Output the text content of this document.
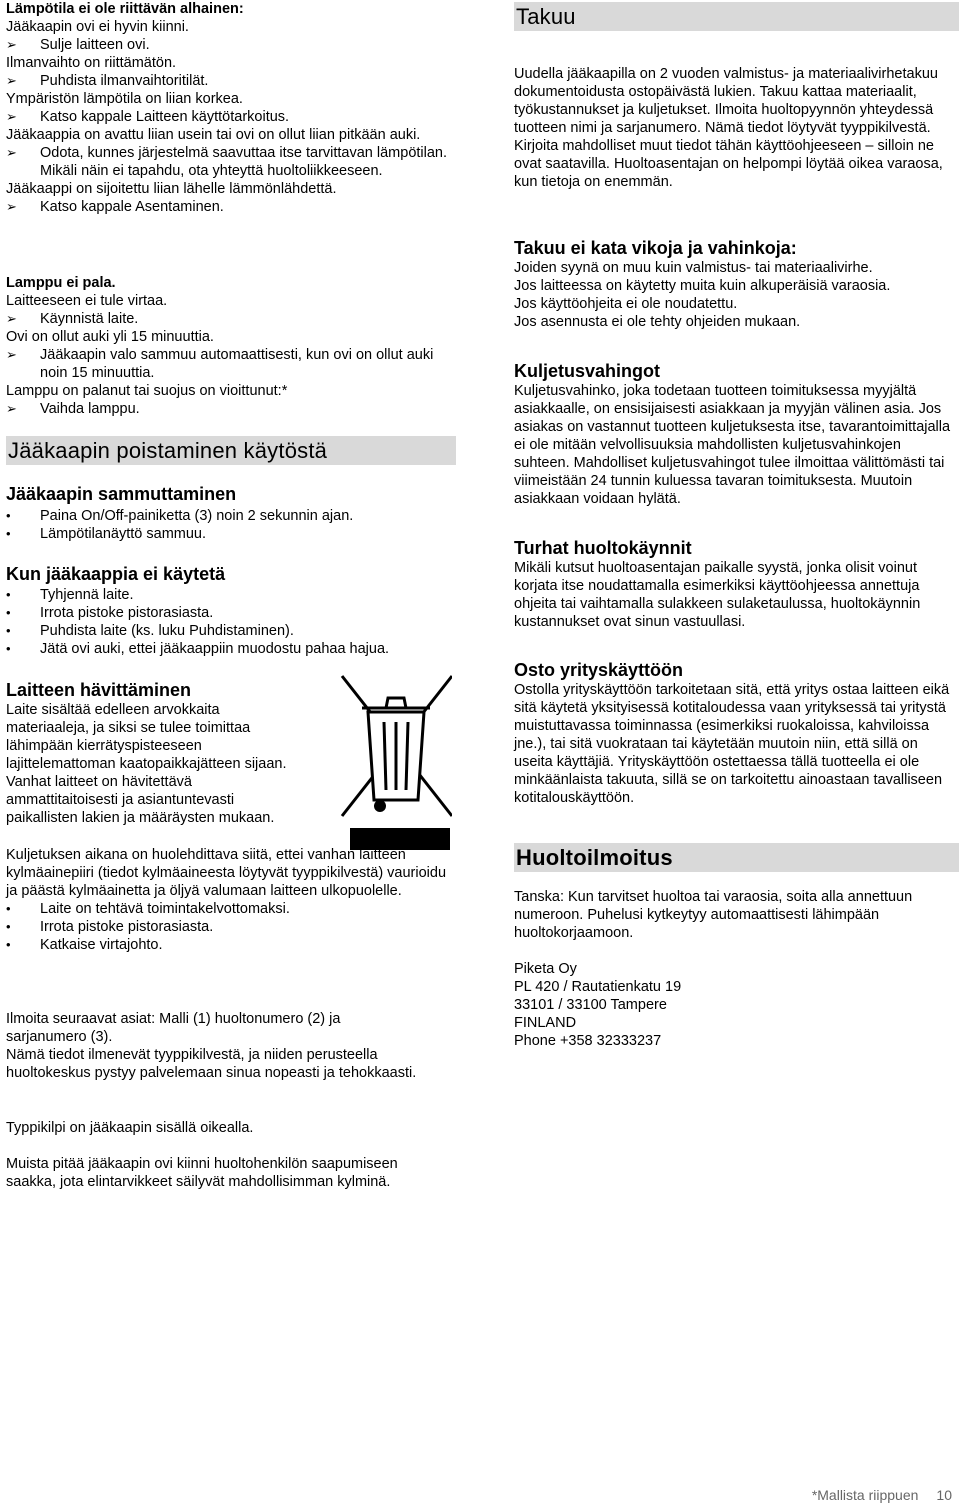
Lämpötila ei ole riittävän alhainen:

Jääkaapin ovi ei hyvin kiinni.

➢	Sulje laitteen ovi.

Ilmanvaihto on riittämätön.

➢	Puhdista ilmanvaihtoritilät.

Ympäristön lämpötila on liian korkea.

➢	Katso kappale Laitteen käyttötarkoitus.

Jääkaappia on avattu liian usein tai ovi on ollut liian pitkään auki.

➢	Odota, kunnes järjestelmä saavuttaa itse tarvittavan lämpötilan. Mikäli näin ei tapahdu, ota yhteyttä huoltoliikkeeseen.

Jääkaappi on sijoitettu liian lähelle lämmönlähdettä.

➢	Katso kappale Asentaminen.

Lamppu ei pala.

Laitteeseen ei tule virtaa.

➢	Käynnistä laite.

Ovi on ollut auki yli 15 minuuttia.

➢	Jääkaapin valo sammuu automaattisesti, kun ovi on ollut auki noin 15 minuuttia.

Lamppu on palanut tai suojus on vioittunut:*

➢	Vaihda lamppu.

Jääkaapin poistaminen käytöstä

Jääkaapin sammuttaminen

•	Paina On/Off-painiketta (3) noin 2 sekunnin ajan.
•	Lämpötilanäyttö sammuu.

Kun jääkaappia ei käytetä

•	Tyhjennä laite.
•	Irrota pistoke pistorasiasta.
•	Puhdista laite (ks. luku Puhdistaminen).
•	Jätä ovi auki, ettei jääkaappiin muodostu pahaa hajua.

Laitteen hävittäminen

Laite sisältää edelleen arvokkaita materiaaleja, ja siksi se tulee toimittaa lähimpään kierrätyspisteeseen lajittelemattoman kaatopaikkajätteen sijaan. Vanhat laitteet on hävitettävä ammattitaitoisesti ja asiantuntevasti paikallisten lakien ja määräysten mukaan.

Kuljetuksen aikana on huolehdittava siitä, ettei vanhan laitteen kylmäainepiiri (tiedot kylmäaineesta löytyvät tyyppikilvestä) vaurioidu ja päästä kylmäainetta ja öljyä valumaan laitteen ulkopuolelle.

•	Laite on tehtävä toimintakelvottomaksi.
•	Irrota pistoke pistorasiasta.
•	Katkaise virtajohto.

Ilmoita seuraavat asiat: Malli (1) huoltonumero (2) ja sarjanumero (3).

Nämä tiedot ilmenevät tyyppikilvestä, ja niiden perusteella huoltokeskus pystyy palvelemaan sinua nopeasti ja tehokkaasti.

Typpikilpi on jääkaapin sisällä oikealla.

Muista pitää jääkaapin ovi kiinni huoltohenkilön saapumiseen saakka, jota elintarvikkeet säilyvät mahdollisimman kylminä.

Takuu

Uudella jääkaapilla on 2 vuoden valmistus- ja materiaalivirhetakuu dokumentoidusta ostopäivästä lukien. Takuu kattaa materiaalit, työkustannukset ja kuljetukset. Ilmoita huoltopyynnön yhteydessä tuotteen nimi ja sarjanumero. Nämä tiedot löytyvät tyyppikilvestä. Kirjoita mahdolliset muut tiedot tähän käyttöohjeeseen – silloin ne ovat saatavilla. Huoltoasentajan on helpompi löytää oikea varaosa, kun tietoja on enemmän.

Takuu ei kata vikoja ja vahinkoja:

Joiden syynä on muu kuin valmistus- tai materiaalivirhe.

Jos laitteessa on käytetty muita kuin alkuperäisiä varaosia.

Jos käyttöohjeita ei ole noudatettu.

Jos asennusta ei ole tehty ohjeiden mukaan.

Kuljetusvahingot

Kuljetusvahinko, joka todetaan tuotteen toimituksessa myyjältä asiakkaalle, on ensisijaisesti asiakkaan ja myyjän välinen asia. Jos asiakas on vastannut tuotteen kuljetuksesta itse, tavarantoimittajalla ei ole mitään velvollisuuksia mahdollisten kuljetusvahinkojen suhteen. Mahdolliset kuljetusvahingot tulee ilmoittaa välittömästi tai viimeistään 24 tunnin kuluessa tavaran toimituksesta. Muutoin asiakkaan voidaan hylätä.

Turhat huoltokäynnit

Mikäli kutsut huoltoasentajan paikalle syystä, jonka olisit voinut korjata itse noudattamalla esimerkiksi käyttöohjeessa annettuja ohjeita tai vaihtamalla sulakkeen sulaketaulussa, huoltokäynnin kustannukset ovat sinun vastuullasi.

Osto yrityskäyttöön

Ostolla yrityskäyttöön tarkoitetaan sitä, että yritys ostaa laitteen eikä sitä käytetä yksityisessä kotitaloudessa vaan yrityksessä tai yritystä muistuttavassa toiminnassa (esimerkiksi ruokaloissa, kahviloissa jne.), tai sitä vuokrataan tai käytetään muutoin niin, että sillä on useita käyttäjiä. Yrityskäyttöön ostettaessa tällä tuotteella ei ole minkäänlaista takuuta, sillä se on tarkoitettu ainoastaan tavalliseen kotitalouskäyttöön.

Huoltoilmoitus

Tanska: Kun tarvitset huoltoa tai varaosia, soita alla annettuun numeroon. Puhelusi kytkeytyy automaattisesti lähimpään huoltokorjaamoon.

Piketa Oy

PL 420 / Rautatienkatu 19

33101 / 33100 Tampere

FINLAND

Phone +358 32333237

*Mallista riippuen 10
